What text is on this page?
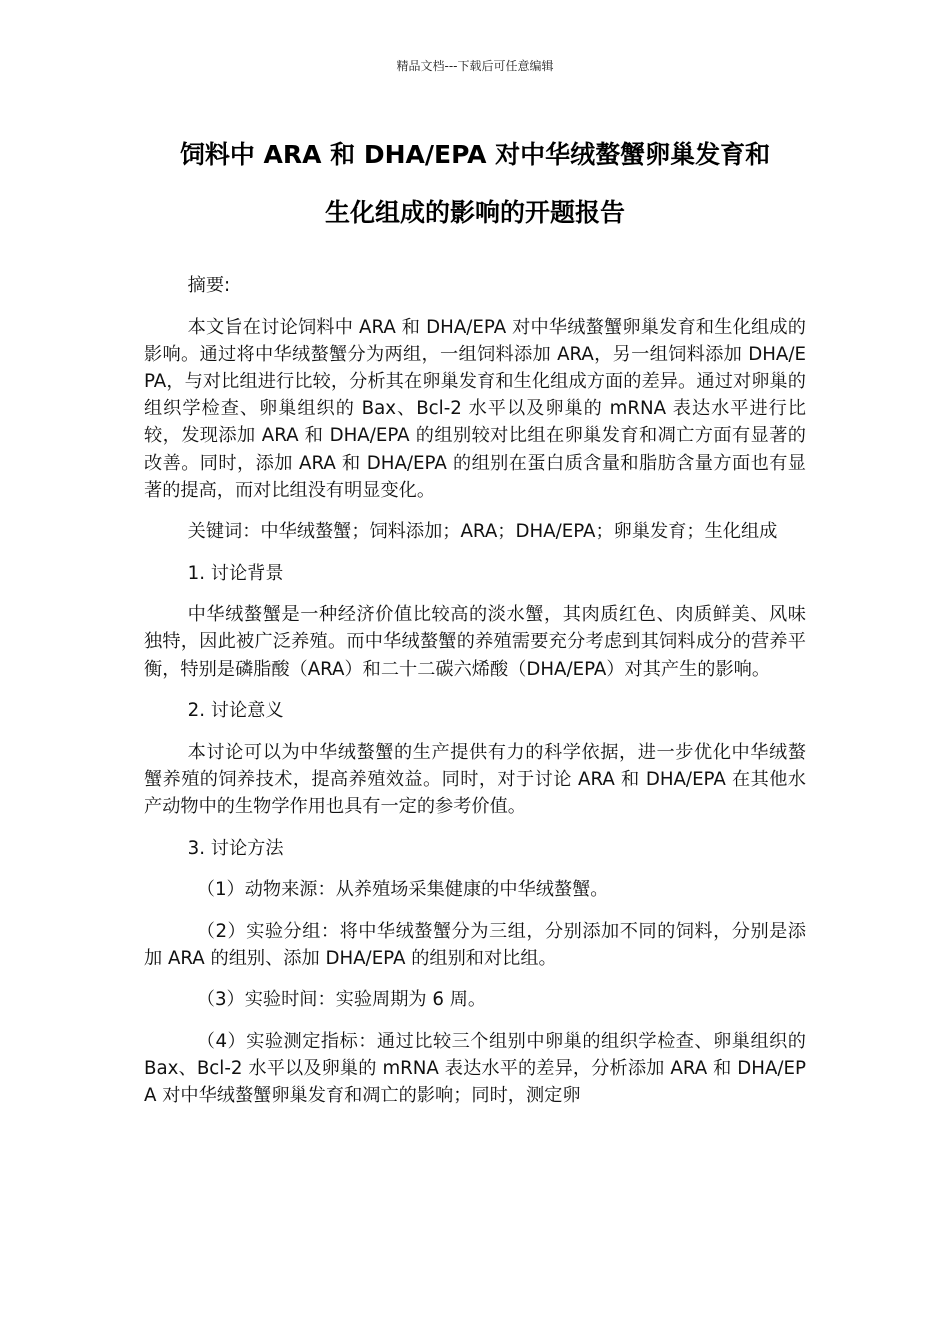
精品文档---下载后可任意编辑
饲料中 ARA 和 DHA/EPA 对中华绒螯蟹卵巢发育和
生化组成的影响的开题报告

摘要:

本文旨在讨论饲料中 ARA 和 DHA/EPA 对中华绒螯蟹卵巢发育和生化组成的影响。通过将中华绒螯蟹分为两组，一组饲料添加 ARA，另一组饲料添加 DHA/EPA，与对比组进行比较，分析其在卵巢发育和生化组成方面的差异。通过对卵巢的组织学检查、卵巢组织的 Bax、Bcl-2 水平以及卵巢的 mRNA 表达水平进行比较，发现添加 ARA 和 DHA/EPA 的组别较对比组在卵巢发育和凋亡方面有显著的改善。同时，添加 ARA 和 DHA/EPA 的组别在蛋白质含量和脂肪含量方面也有显著的提高，而对比组没有明显变化。

关键词：中华绒螯蟹；饲料添加；ARA；DHA/EPA；卵巢发育；生化组成

1. 讨论背景

中华绒螯蟹是一种经济价值比较高的淡水蟹，其肉质红色、肉质鲜美、风味独特，因此被广泛养殖。而中华绒螯蟹的养殖需要充分考虑到其饲料成分的营养平衡，特别是磷脂酸（ARA）和二十二碳六烯酸（DHA/EPA）对其产生的影响。

2. 讨论意义

本讨论可以为中华绒螯蟹的生产提供有力的科学依据，进一步优化中华绒螯蟹养殖的饲养技术，提高养殖效益。同时，对于讨论 ARA 和 DHA/EPA 在其他水产动物中的生物学作用也具有一定的参考价值。

3. 讨论方法

（1）动物来源：从养殖场采集健康的中华绒螯蟹。

（2）实验分组：将中华绒螯蟹分为三组，分别添加不同的饲料，分别是添加 ARA 的组别、添加 DHA/EPA 的组别和对比组。

（3）实验时间：实验周期为 6 周。

（4）实验测定指标：通过比较三个组别中卵巢的组织学检查、卵巢组织的 Bax、Bcl-2 水平以及卵巢的 mRNA 表达水平的差异，分析添加 ARA 和 DHA/EPA 对中华绒螯蟹卵巢发育和凋亡的影响；同时，测定卵
